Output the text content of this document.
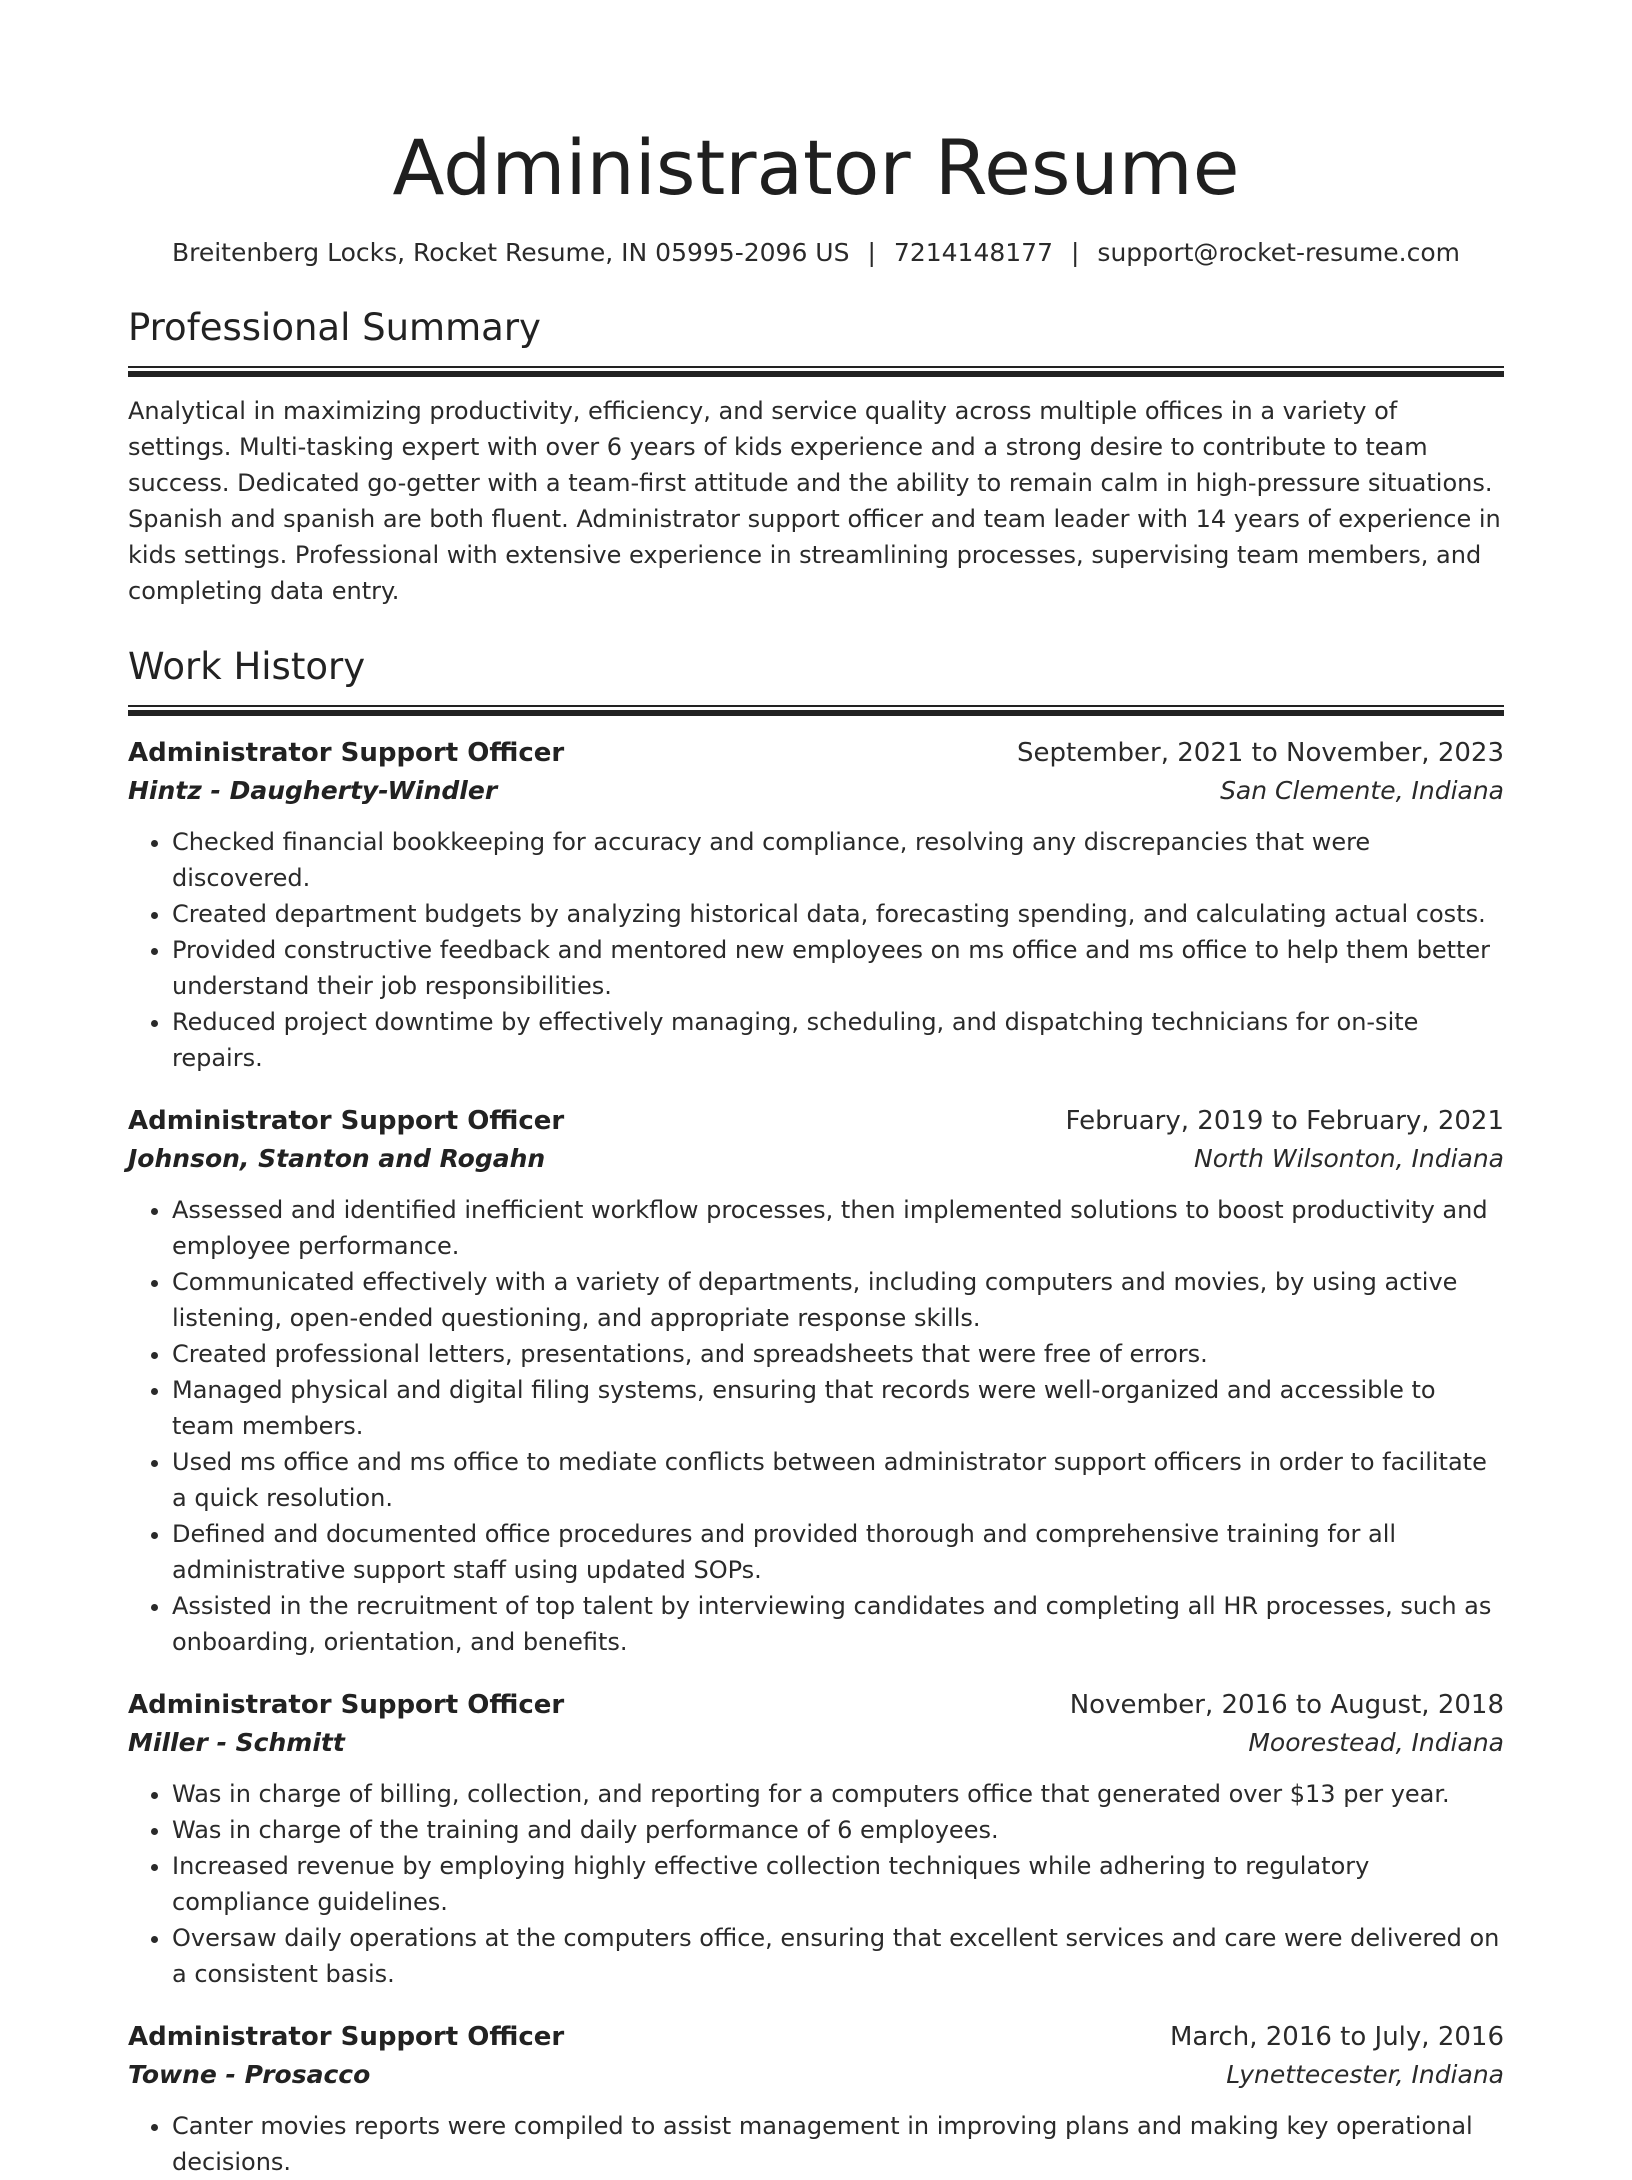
Administrator Resume
Breitenberg Locks, Rocket Resume, IN 05995-2096 US | 7214148177 | support@rocket-resume.com
Professional Summary
Analytical in maximizing productivity, efficiency, and service quality across multiple offices in a variety of settings. Multi-tasking expert with over 6 years of kids experience and a strong desire to contribute to team success. Dedicated go-getter with a team-first attitude and the ability to remain calm in high-pressure situations. Spanish and spanish are both fluent. Administrator support officer and team leader with 14 years of experience in kids settings. Professional with extensive experience in streamlining processes, supervising team members, and completing data entry.
Work History
Administrator Support Officer	September, 2021 to November, 2023
Hintz - Daugherty-Windler	San Clemente, Indiana
• Checked financial bookkeeping for accuracy and compliance, resolving any discrepancies that were discovered.
• Created department budgets by analyzing historical data, forecasting spending, and calculating actual costs.
• Provided constructive feedback and mentored new employees on ms office and ms office to help them better understand their job responsibilities.
• Reduced project downtime by effectively managing, scheduling, and dispatching technicians for on-site repairs.
Administrator Support Officer	February, 2019 to February, 2021
Johnson, Stanton and Rogahn	North Wilsonton, Indiana
• Assessed and identified inefficient workflow processes, then implemented solutions to boost productivity and employee performance.
• Communicated effectively with a variety of departments, including computers and movies, by using active listening, open-ended questioning, and appropriate response skills.
• Created professional letters, presentations, and spreadsheets that were free of errors.
• Managed physical and digital filing systems, ensuring that records were well-organized and accessible to team members.
• Used ms office and ms office to mediate conflicts between administrator support officers in order to facilitate a quick resolution.
• Defined and documented office procedures and provided thorough and comprehensive training for all administrative support staff using updated SOPs.
• Assisted in the recruitment of top talent by interviewing candidates and completing all HR processes, such as onboarding, orientation, and benefits.
Administrator Support Officer	November, 2016 to August, 2018
Miller - Schmitt	Moorestead, Indiana
• Was in charge of billing, collection, and reporting for a computers office that generated over $13 per year.
• Was in charge of the training and daily performance of 6 employees.
• Increased revenue by employing highly effective collection techniques while adhering to regulatory compliance guidelines.
• Oversaw daily operations at the computers office, ensuring that excellent services and care were delivered on a consistent basis.
Administrator Support Officer	March, 2016 to July, 2016
Towne - Prosacco	Lynettecester, Indiana
• Canter movies reports were compiled to assist management in improving plans and making key operational decisions.
